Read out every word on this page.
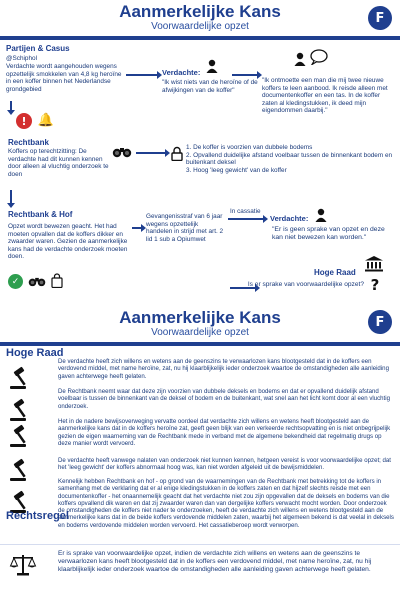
Aanmerkelijke Kans
Voorwaardelijke opzet
F
Partijen & Casus
@Schiphol
Verdachte wordt aangehouden wegens opzettelijk smokkelen van 4,8 kg heroïne in een koffer binnen het Nederlandse grondgebied
Verdachte:
"Ik wist niets van de heroïne of de afwijkingen van de koffer"
"Ik ontmoette een man die mij twee nieuwe koffers te leen aanbood. Ik reisde alleen met documentenkoffer en een tas. In de koffer zaten al kledingstukken, ik deed mijn eigendommen daarbij."
! 🔔
Rechtbank
Koffers op terechtzitting: De verdachte had dit kunnen kennen door alleen al vluchtig onderzoek te doen
1. De koffer is voorzien van dubbele bodems
2. Opvallend duidelijke afstand voelbaar tussen de binnenkant bodem en buitenkant deksel
3. Hoog 'leeg gewicht' van de koffer
Rechtbank & Hof
Opzet wordt bewezen geacht. Het had moeten opvallen dat de koffers dikker en zwaarder waren. Gezien de aanmerkelijke kans had de verdachte onderzoek moeten doen.
✓
Gevangenisstraf van 6 jaar wegens opzettelijk handelen in strijd met art. 2 lid 1 sub a Opiumwet
In cassatie
Verdachte:
"Er is geen sprake van opzet en deze kan niet bewezen kan worden."
Hoge Raad
Is er sprake van voorwaardelijke opzet? ?
Aanmerkelijke Kans
Voorwaardelijke opzet
F
Hoge Raad
De verdachte heeft zich willens en wetens aan de geenszins te verwaarlozen kans blootgesteld dat in de koffers een verdovend middel, met name heroïne, zat, nu hij klaarblijkelijk ieder onderzoek waartoe de omstandigheden alle aanleiding gaven achterwege heeft gelaten.
De Rechtbank neemt waar dat deze zijn voorzien van dubbele deksels en bodems en dat er opvallend duidelijk afstand voelbaar is tussen de binnenkant van de deksel of bodem en de buitenkant, wat snel aan het licht komt door al een vluchtig onderzoek.
Het in de nadere bewijsoverweging vervatte oordeel dat verdachte zich willens en wetens heeft blootgesteld aan de aanmerkelijke kans dat in de koffers heroïne zat, geeft geen blijk van een verkeerde rechtsopvatting en is niet onbegrijpelijk gezien de eigen waarneming van de Rechtbank mede in verband met de algemene bekendheid dat regelmatig drugs op deze manier wordt vervoerd.
De verdachte heeft vanwege nalaten van onderzoek niet kunnen kennen, hetgeen vereist is voor voorwaardelijke opzet; dat het 'leeg gewicht' der koffers abnormaal hoog was, kan niet worden afgeleid uit de bewijsmiddelen.
Kennelijk hebben Rechtbank en hof - op grond van de waarnemingen van de Rechtbank met betrekking tot de koffers in samenhang met de verklaring dat er al enige kledingstukken in de koffers zaten en dat hijzelf slechts reisde met een documentenkoffer - het onaannemelijk geacht dat het verdachte niet zou zijn opgevallen dat de deksels en bodems van die koffers opvallend dik waren en dat zij zwaarder waren dan van dergelijke koffers verwacht mocht worden. Door onderzoek de omstandigheden de koffers niet nader te onderzoeken, heeft de verdachte zich willens en wetens blootgesteld aan de aanmerkelijke kans dat in de beide koffers verdovende middelen zaten, waarbij het algemeen bekend is dat veelal in deksels en bodems verdovende middelen worden vervoerd. Het cassatieberoep wordt verworpen.
Rechtsregel
Er is sprake van voorwaardelijke opzet, indien de verdachte zich willens en wetens aan de geenszins te verwaarlozen kans heeft blootgesteld dat in de koffers een verdovend middel, met name heroïne, zat, nu hij klaarblijkelijk ieder onderzoek waartoe de omstandigheden alle aanleiding gaven achterwege heeft gelaten.
